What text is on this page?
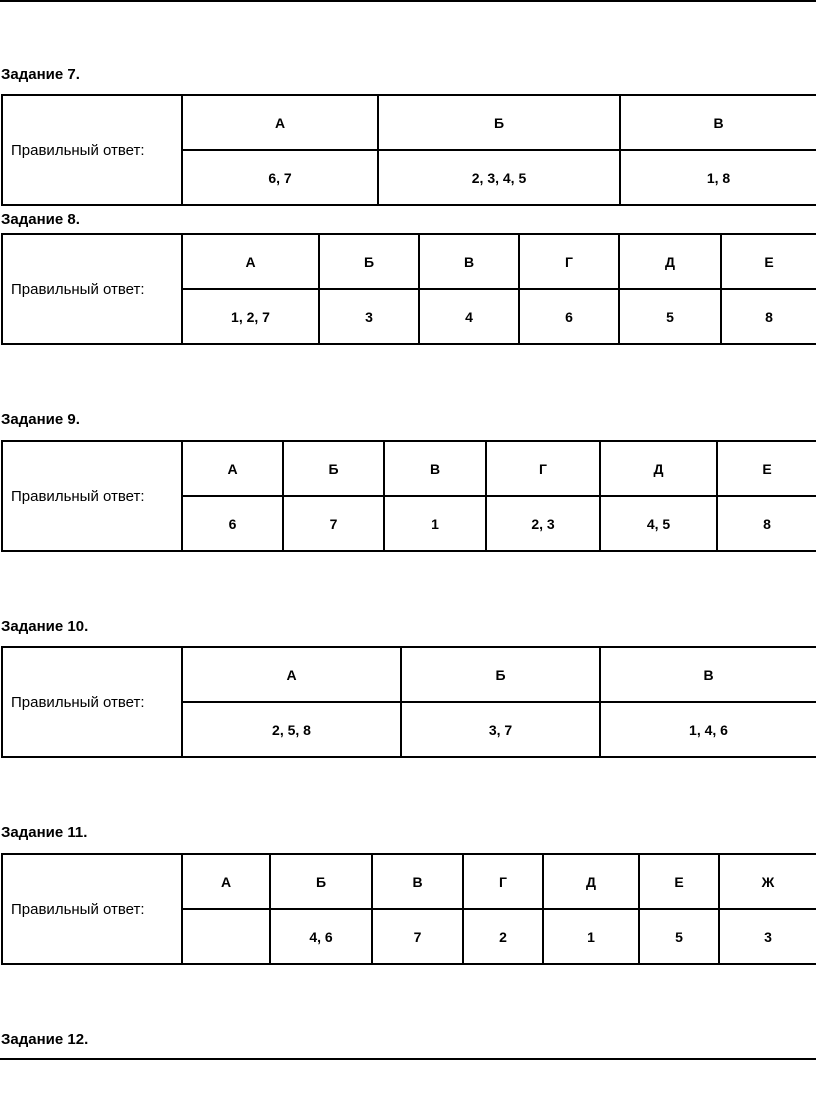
Задание 7.
Правильный ответ:	А	Б	В
	6, 7	2, 3, 4, 5	1, 8
Задание 8.
Правильный ответ:	А	Б	В	Г	Д	Е
	1, 2, 7	3	4	6	5	8
Задание 9.
Правильный ответ:	А	Б	В	Г	Д	Е
	6	7	1	2, 3	4, 5	8
Задание 10.
Правильный ответ:	А	Б	В
	2, 5, 8	3, 7	1, 4, 6
Задание 11.
Правильный ответ:	А	Б	В	Г	Д	Е	Ж
		4, 6	7	2	1	5	3
Задание 12.
